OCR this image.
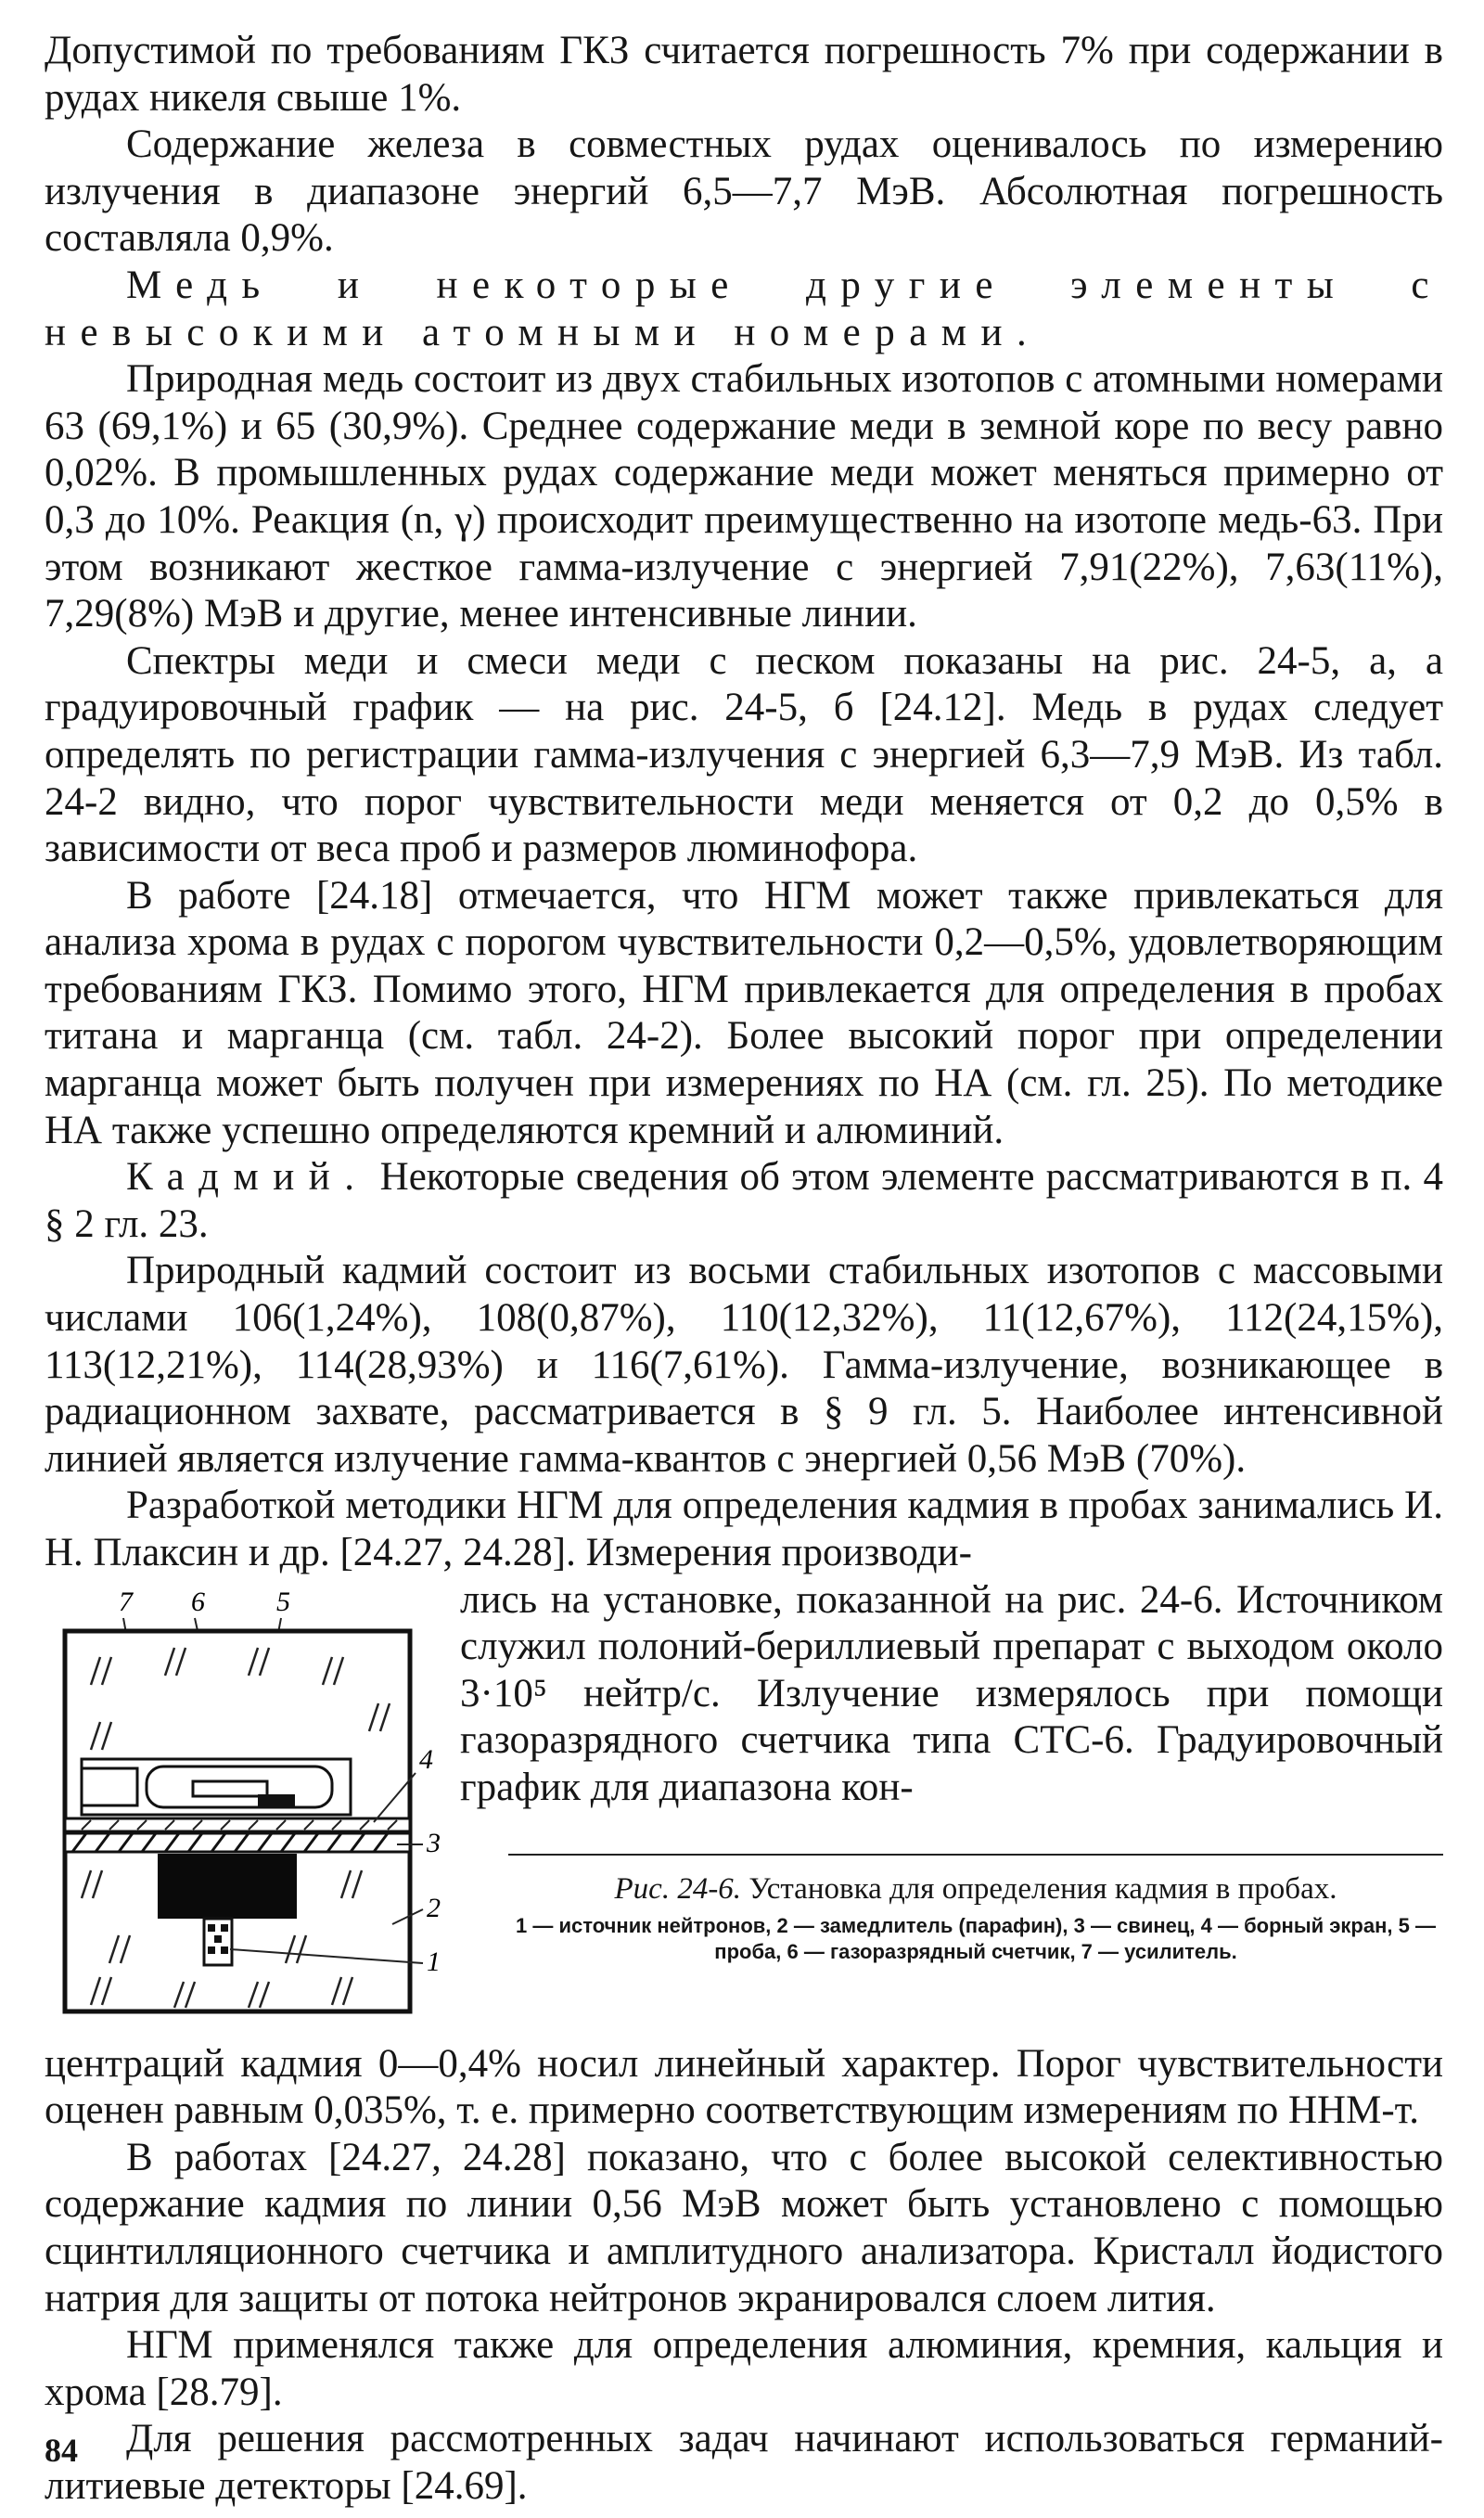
Допустимой по требованиям ГКЗ считается погрешность 7% при содержании в рудах никеля свыше 1%.

Содержание железа в совместных рудах оценивалось по измерению излучения в диапазоне энергий 6,5—7,7 МэВ. Абсолютная погрешность составляла 0,9%.

Медь и некоторые другие элементы с невысокими атомными номерами.

Природная медь состоит из двух стабильных изотопов с атомными номерами 63 (69,1%) и 65 (30,9%). Среднее содержание меди в земной коре по весу равно 0,02%. В промышленных рудах содержание меди может меняться примерно от 0,3 до 10%. Реакция (n, γ) происходит преимущественно на изотопе медь-63. При этом возникают жесткое гамма-излучение с энергией 7,91(22%), 7,63(11%), 7,29(8%) МэВ и другие, менее интенсивные линии.

Спектры меди и смеси меди с песком показаны на рис. 24-5, а, а градуировочный график — на рис. 24-5, б [24.12]. Медь в рудах следует определять по регистрации гамма-излучения с энергией 6,3—7,9 МэВ. Из табл. 24-2 видно, что порог чувствительности меди меняется от 0,2 до 0,5% в зависимости от веса проб и размеров люминофора.

В работе [24.18] отмечается, что НГМ может также привлекаться для анализа хрома в рудах с порогом чувствительности 0,2—0,5%, удовлетворяющим требованиям ГКЗ. Помимо этого, НГМ привлекается для определения в пробах титана и марганца (см. табл. 24-2). Более высокий порог при определении марганца может быть получен при измерениях по НА (см. гл. 25). По методике НА также успешно определяются кремний и алюминий.

Кадмий. Некоторые сведения об этом элементе рассматриваются в п. 4 § 2 гл. 23.

Природный кадмий состоит из восьми стабильных изотопов с массовыми числами 106(1,24%), 108(0,87%), 110(12,32%), 11(12,67%), 112(24,15%), 113(12,21%), 114(28,93%) и 116(7,61%). Гамма-излучение, возникающее в радиационном захвате, рассматривается в § 9 гл. 5. Наиболее интенсивной линией является излучение гамма-квантов с энергией 0,56 МэВ (70%).

Разработкой методики НГМ для определения кадмия в пробах занимались И. Н. Плаксин и др. [24.27, 24.28]. Измерения производи-

7 6	5
4
3
2
1

лись на установке, показанной на рис. 24-6. Источником служил полоний-бериллиевый препарат с выходом около 3·10⁵ нейтр/с. Излучение измерялось при помощи газоразрядного счетчика типа СТС-6. Градуировочный график для диапазона кон-

Рис. 24-6. Установка для определения кадмия в пробах.
1 — источник нейтронов, 2 — замедлитель (парафин), 3 — свинец, 4 — борный экран, 5 — проба, 6 — газоразрядный счетчик, 7 — усилитель.

центраций кадмия 0—0,4% носил линейный характер. Порог чувствительности оценен равным 0,035%, т. е. примерно соответствующим измерениям по ННМ-т.

В работах [24.27, 24.28] показано, что с более высокой селективностью содержание кадмия по линии 0,56 МэВ может быть установлено с помощью сцинтилляционного счетчика и амплитудного анализатора. Кристалл йодистого натрия для защиты от потока нейтронов экранировался слоем лития.

НГМ применялся также для определения алюминия, кремния, кальция и хрома [28.79].

Для решения рассмотренных задач начинают использоваться германий-литиевые детекторы [24.69].

84
